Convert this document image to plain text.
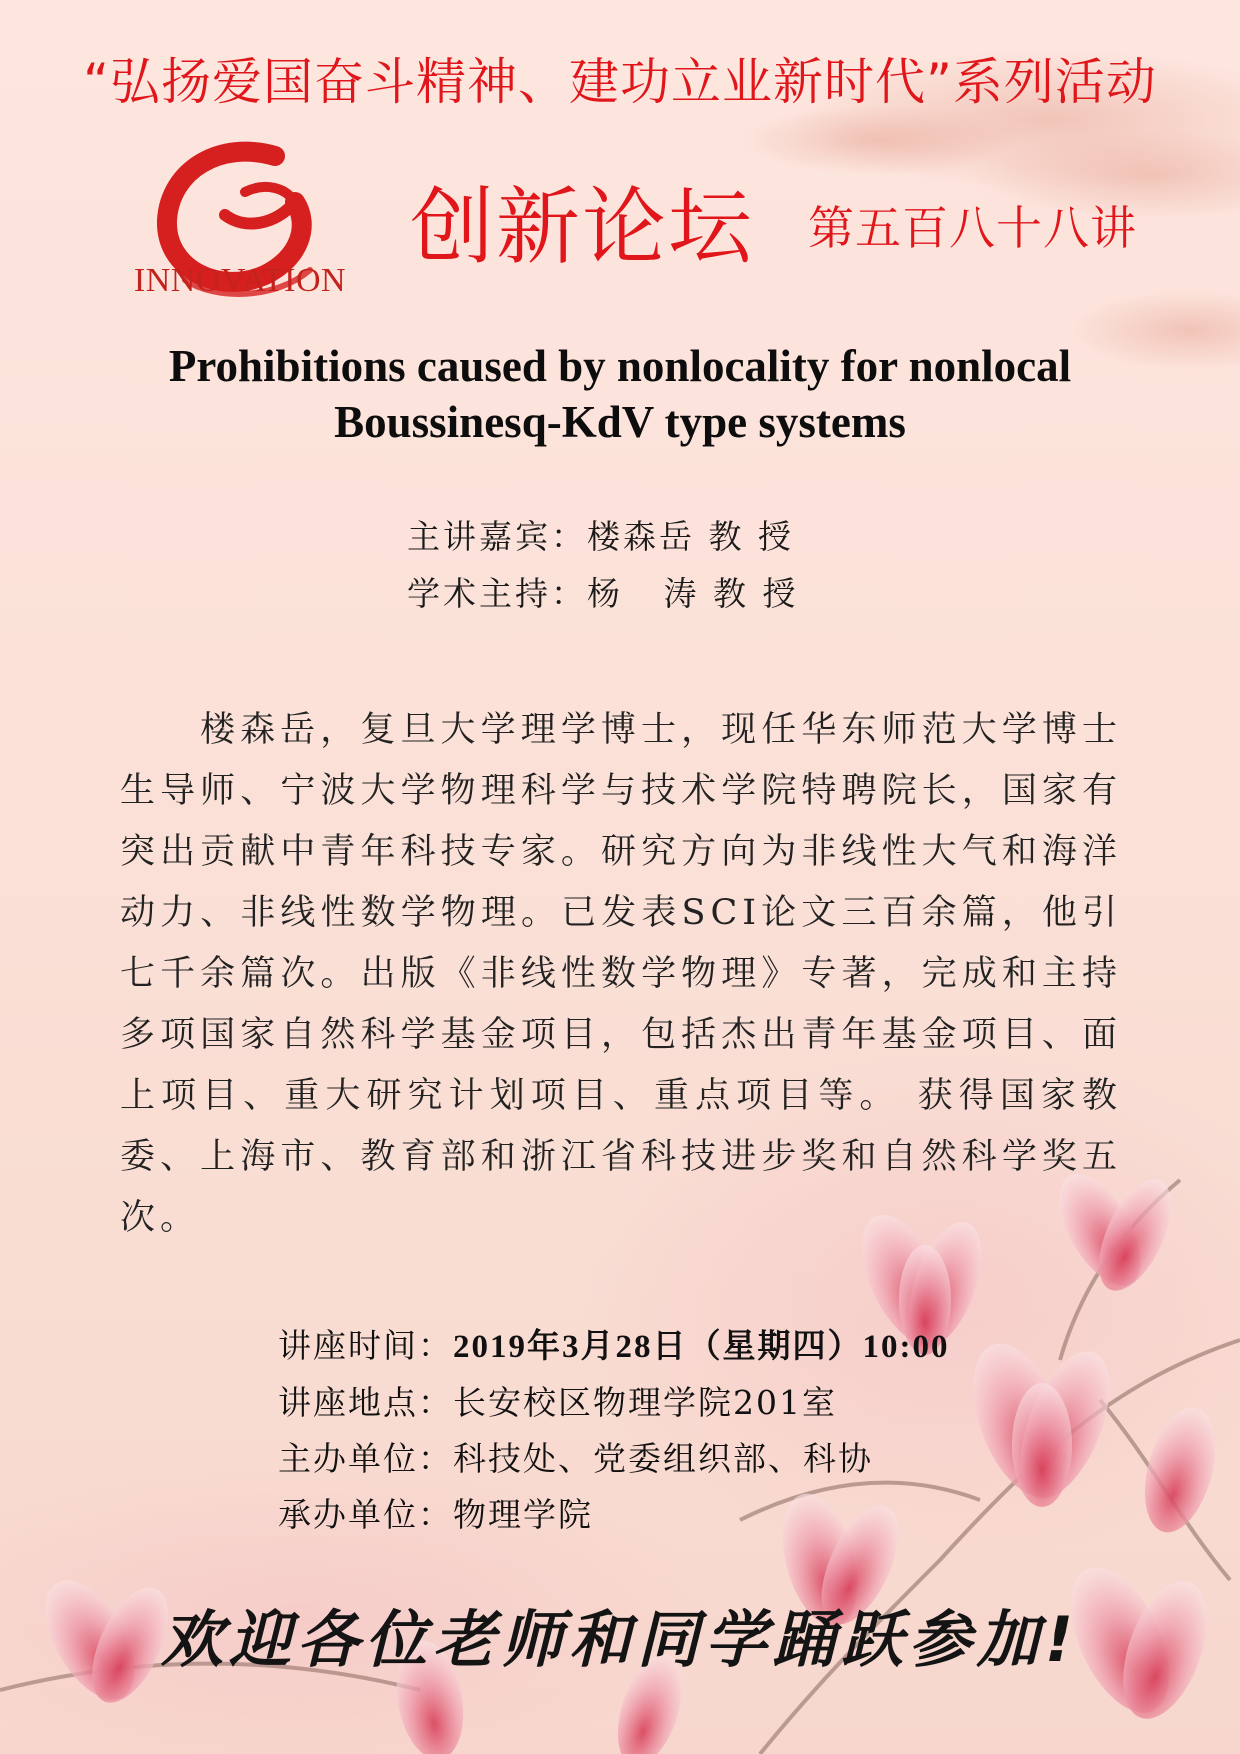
“弘扬爱国奋斗精神、建功立业新时代”系列活动
INNOVATION
创新论坛 第五百八十八讲
Prohibitions caused by nonlocality for nonlocal
Boussinesq-KdV type systems
主讲嘉宾：楼森岳 教 授
学术主持：杨   涛 教 授
楼森岳，复旦大学理学博士，现任华东师范大学博士生导师、宁波大学物理科学与技术学院特聘院长，国家有突出贡献中青年科技专家。研究方向为非线性大气和海洋动力、非线性数学物理。已发表SCI论文三百余篇，他引七千余篇次。出版《非线性数学物理》专著，完成和主持多项国家自然科学基金项目，包括杰出青年基金项目、面上项目、重大研究计划项目、重点项目等。 获得国家教委、上海市、教育部和浙江省科技进步奖和自然科学奖五次。
讲座时间：2019年3月28日（星期四）10:00
讲座地点：长安校区物理学院201室
主办单位：科技处、党委组织部、科协
承办单位：物理学院
欢迎各位老师和同学踊跃参加!
